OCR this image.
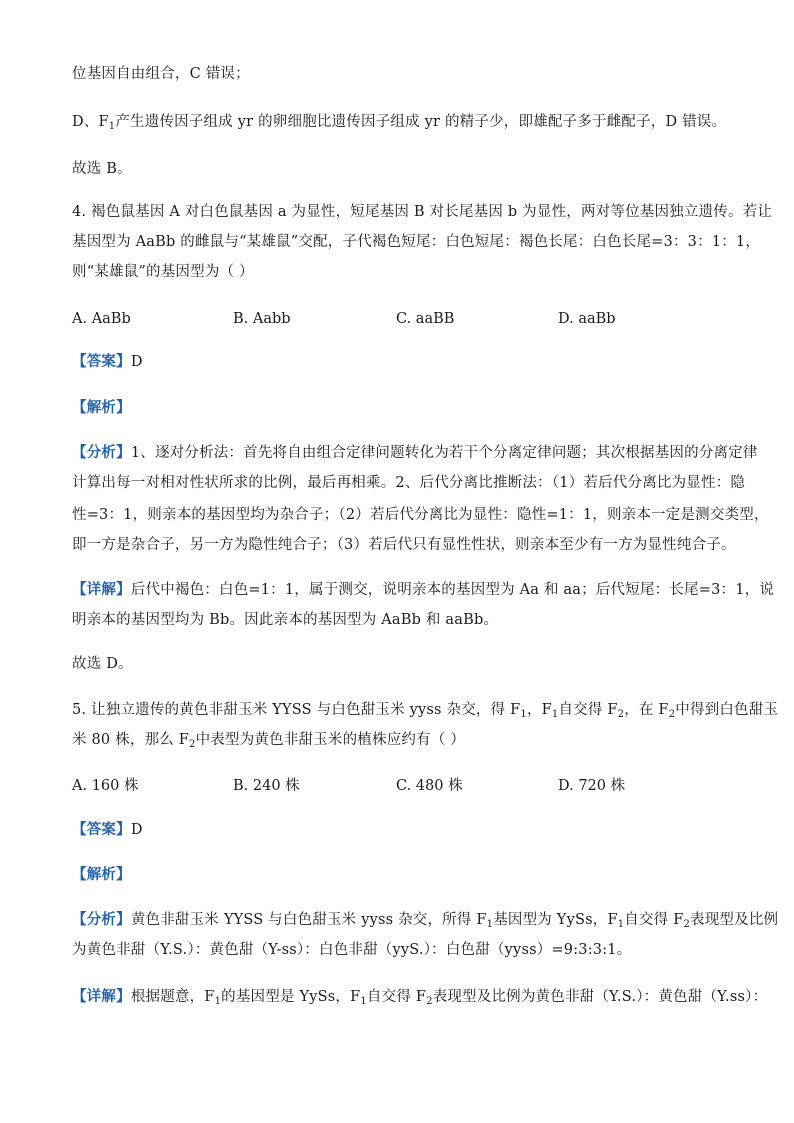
位基因自由组合，C 错误；
D、$F_1$产生遗传因子组成 yr 的卵细胞比遗传因子组成 yr 的精子少，即雄配子多于雌配子，D 错误。
故选 B。
4. 褐色鼠基因 A 对白色鼠基因 a 为显性，短尾基因 B 对长尾基因 b 为显性，两对等位基因独立遗传。若让
基因型为 AaBb 的雌鼠与“某雄鼠”交配，子代褐色短尾：白色短尾：褐色长尾：白色长尾=3：3：1：1，
则“某雄鼠”的基因型为（ ）
A. AaBb	B. Aabb	C. aaBB	D. aaBb
【答案】D
【解析】
【分析】1、逐对分析法：首先将自由组合定律问题转化为若干个分离定律问题；其次根据基因的分离定律
计算出每一对相对性状所求的比例，最后再相乘。2、后代分离比推断法：（1）若后代分离比为显性：隐
性=3：1，则亲本的基因型均为杂合子；（2）若后代分离比为显性：隐性=1：1，则亲本一定是测交类型，
即一方是杂合子，另一方为隐性纯合子；（3）若后代只有显性性状，则亲本至少有一方为显性纯合子。
【详解】后代中褐色：白色=1：1，属于测交，说明亲本的基因型为 Aa 和 aa；后代短尾：长尾=3：1，说
明亲本的基因型均为 Bb。因此亲本的基因型为 AaBb 和 aaBb。
故选 D。
5. 让独立遗传的黄色非甜玉米 YYSS 与白色甜玉米 yyss 杂交，得 $F_1$，$F_1$自交得 $F_2$，在 $F_2$中得到白色甜玉
米 80 株，那么 $F_2$中表型为黄色非甜玉米的植株应约有（ ）
A. 160 株	B. 240 株	C. 480 株	D. 720 株
【答案】D
【解析】
【分析】黄色非甜玉米 YYSS 与白色甜玉米 yyss 杂交，所得 $F_1$基因型为 YySs，$F_1$自交得 $F_2$表现型及比例
为黄色非甜（Y.S.）：黄色甜（Y-ss）：白色非甜（yyS.）：白色甜（yyss）=9:3:3:1。
【详解】根据题意，$F_1$的基因型是 YySs，$F_1$自交得 $F_2$表现型及比例为黄色非甜（Y.S.）：黄色甜（Y.ss）：
